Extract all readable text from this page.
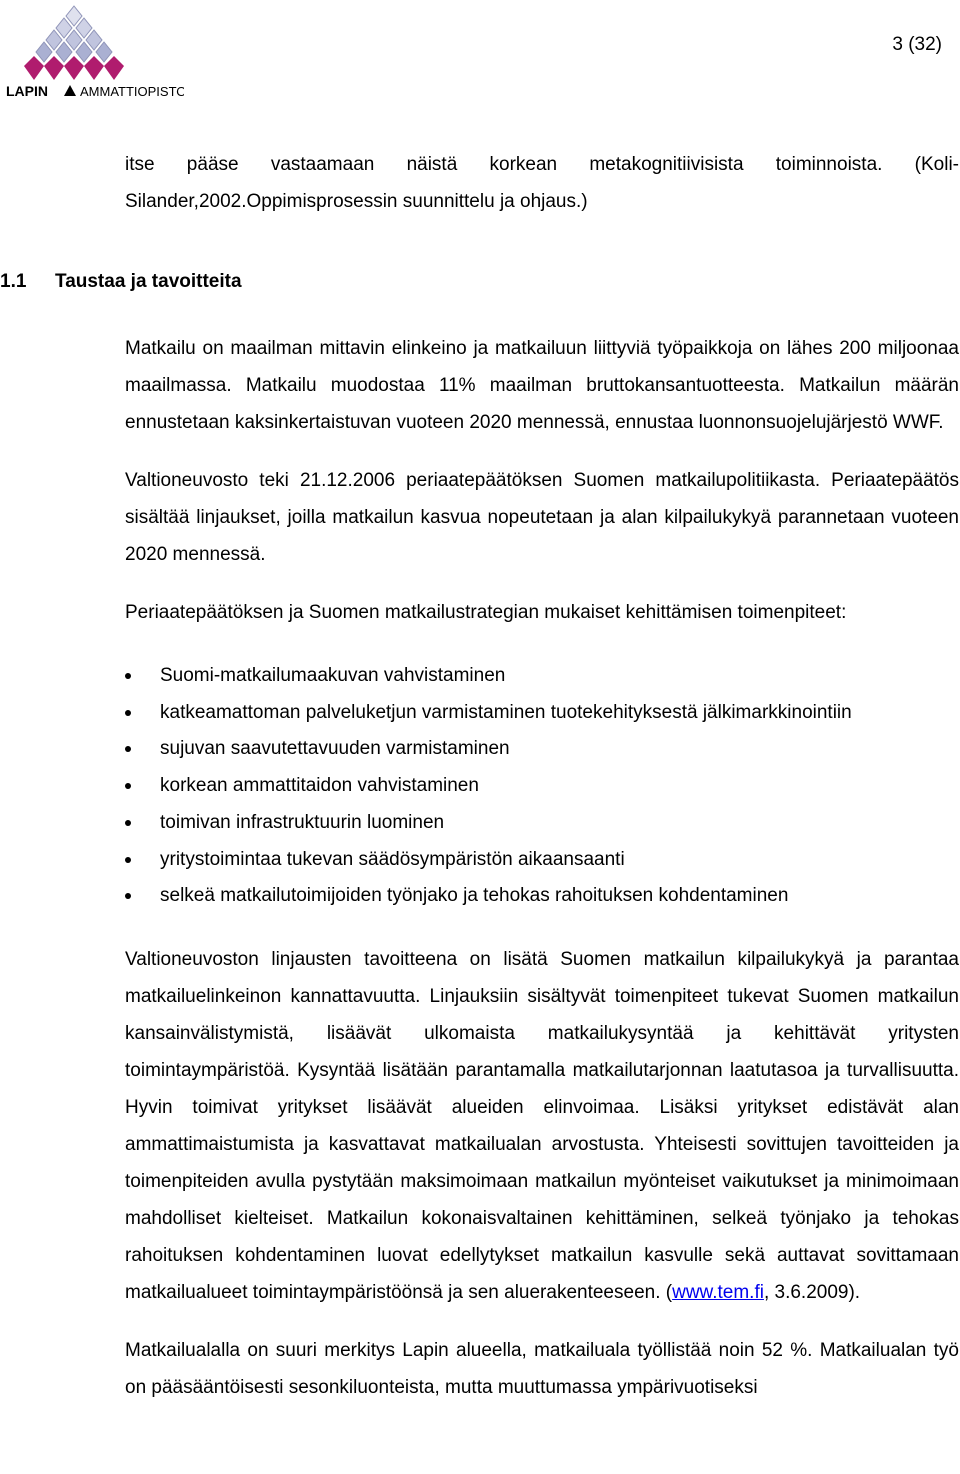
LAPIN AMMATTIOPISTO
3 (32)
1.1 Taustaa ja tavoitteita

itse pääse vastaamaan näistä korkean metakognitiivisista toiminnoista. (Koli-Silander,2002.Oppimisprosessin suunnittelu ja ohjaus.)

Matkailu on maailman mittavin elinkeino ja matkailuun liittyviä työpaikkoja on lähes 200 miljoonaa maailmassa. Matkailu muodostaa 11% maailman bruttokansantuotteesta. Matkailun määrän ennustetaan kaksinkertaistuvan vuoteen 2020 mennessä, ennustaa luonnonsuojelujärjestö WWF.

Valtioneuvosto teki 21.12.2006 periaatepäätöksen Suomen matkailupolitiikasta. Periaatepäätös sisältää linjaukset, joilla matkailun kasvua nopeutetaan ja alan kilpailukykyä parannetaan vuoteen 2020 mennessä.

Periaatepäätöksen ja Suomen matkailustrategian mukaiset kehittämisen toimenpiteet:

Suomi-matkailumaakuvan vahvistaminen
katkeamattoman palveluketjun varmistaminen tuotekehityksestä jälkimarkkinointiin
sujuvan saavutettavuuden varmistaminen
korkean ammattitaidon vahvistaminen
toimivan infrastruktuurin luominen
yritystoimintaa tukevan säädösympäristön aikaansaanti
selkeä matkailutoimijoiden työnjako ja tehokas rahoituksen kohdentaminen

Valtioneuvoston linjausten tavoitteena on lisätä Suomen matkailun kilpailukykyä ja parantaa matkailuelinkeinon kannattavuutta. Linjauksiin sisältyvät toimenpiteet tukevat Suomen matkailun kansainvälistymistä, lisäävät ulkomaista matkailukysyntää ja kehittävät yritysten toimintaympäristöä. Kysyntää lisätään parantamalla matkailutarjonnan laatutasoa ja turvallisuutta. Hyvin toimivat yritykset lisäävät alueiden elinvoimaa. Lisäksi yritykset edistävät alan ammattimaistumista ja kasvattavat matkailualan arvostusta. Yhteisesti sovittujen tavoitteiden ja toimenpiteiden avulla pystytään maksimoimaan matkailun myönteiset vaikutukset ja minimoimaan mahdolliset kielteiset. Matkailun kokonaisvaltainen kehittäminen, selkeä työnjako ja tehokas rahoituksen kohdentaminen luovat edellytykset matkailun kasvulle sekä auttavat sovittamaan matkailualueet toimintaympäristöönsä ja sen aluerakenteeseen. (www.tem.fi, 3.6.2009).

Matkailualalla on suuri merkitys Lapin alueella, matkailuala työllistää noin 52 %. Matkailualan työ on pääsääntöisesti sesonkiluonteista, mutta muuttumassa ympärivuotiseksi
